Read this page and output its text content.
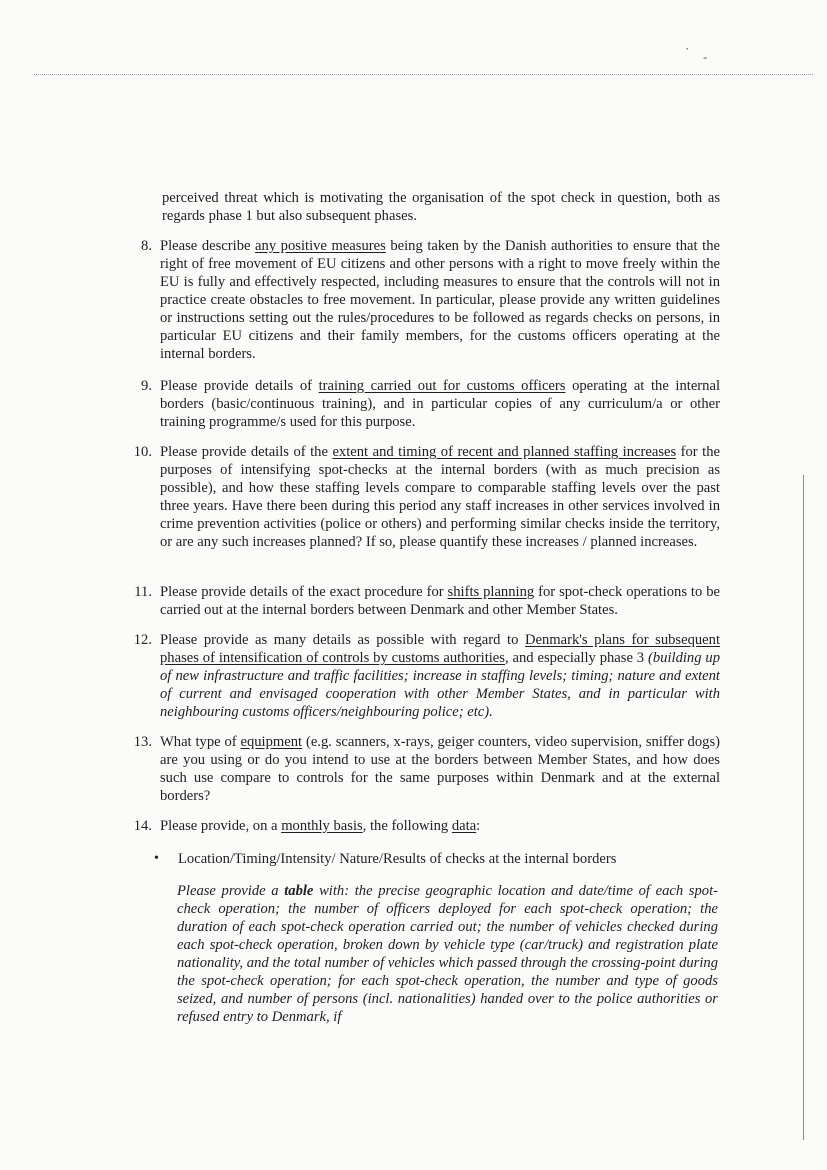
·
-

perceived threat which is motivating the organisation of the spot check in question, both as regards phase 1 but also subsequent phases.

8. Please describe any positive measures being taken by the Danish authorities to ensure that the right of free movement of EU citizens and other persons with a right to move freely within the EU is fully and effectively respected, including measures to ensure that the controls will not in practice create obstacles to free movement. In particular, please provide any written guidelines or instructions setting out the rules/procedures to be followed as regards checks on persons, in particular EU citizens and their family members, for the customs officers operating at the internal borders.

9. Please provide details of training carried out for customs officers operating at the internal borders (basic/continuous training), and in particular copies of any curriculum/a or other training programme/s used for this purpose.

10. Please provide details of the extent and timing of recent and planned staffing increases for the purposes of intensifying spot-checks at the internal borders (with as much precision as possible), and how these staffing levels compare to comparable staffing levels over the past three years. Have there been during this period any staff increases in other services involved in crime prevention activities (police or others) and performing similar checks inside the territory, or are any such increases planned? If so, please quantify these increases / planned increases.

11. Please provide details of the exact procedure for shifts planning for spot-check operations to be carried out at the internal borders between Denmark and other Member States.

12. Please provide as many details as possible with regard to Denmark's plans for subsequent phases of intensification of controls by customs authorities, and especially phase 3 (building up of new infrastructure and traffic facilities; increase in staffing levels; timing; nature and extent of current and envisaged cooperation with other Member States, and in particular with neighbouring customs officers/neighbouring police; etc).

13. What type of equipment (e.g. scanners, x-rays, geiger counters, video supervision, sniffer dogs) are you using or do you intend to use at the borders between Member States, and how does such use compare to controls for the same purposes within Denmark and at the external borders?

14. Please provide, on a monthly basis, the following data:

• Location/Timing/Intensity/ Nature/Results of checks at the internal borders

Please provide a table with: the precise geographic location and date/time of each spot-check operation; the number of officers deployed for each spot-check operation; the duration of each spot-check operation carried out; the number of vehicles checked during each spot-check operation, broken down by vehicle type (car/truck) and registration plate nationality, and the total number of vehicles which passed through the crossing-point during the spot-check operation; for each spot-check operation, the number and type of goods seized, and number of persons (incl. nationalities) handed over to the police authorities or refused entry to Denmark, if
